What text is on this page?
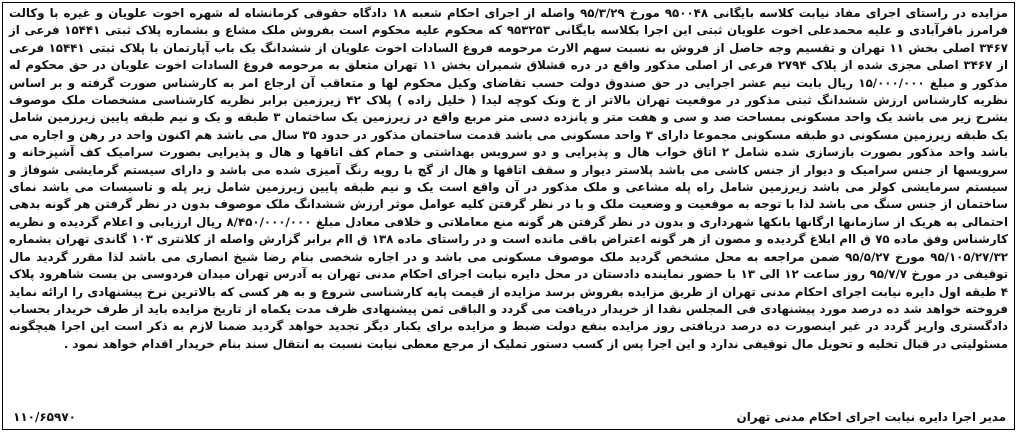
مزایده در راستای اجرای مفاد نیابت کلاسه بایگانی ۹۵۰۰۴۸ مورخ ۹۵/۳/۲۹ واصله از اجرای احکام شعبه ۱۸ دادگاه حقوقی کرمانشاه له شهره اخوت علویان و غیره با وکالت فرامرز باقرآبادی و علیه محمدعلی اخوت علویان ثبتی این اجرا بکلاسه بایگانی ۹۵۳۲۵۳ که محکوم علیه محکوم است بفروش ملک مشاع و بشماره پلاک ثبتی ۱۵۴۴۱ فرعی از ۳۴۶۷ اصلی بخش ۱۱ تهران و تقسیم وجه حاصل از فروش به نسبت سهم الارث مرحومه فروغ السادات اخوت علویان از ششدانگ یک باب آپارتمان با پلاک ثبتی ۱۵۴۴۱ فرعی از ۳۴۶۷ اصلی مجزی شده از پلاک ۲۷۹۴ فرعی از اصلی مذکور واقع در دره قشلاق شمیران بخش ۱۱ تهران متعلق به مرحومه فروغ السادات اخوت علویان در حق محکوم له مذکور و مبلغ ۱۵/۰۰۰/۰۰۰ ریال بابت نیم عشر اجرایی در حق صندوق دولت حسب تقاضای وکیل محکوم لها و متعاقب آن ارجاع امر به کارشناس صورت گرفته و بر اساس نظریه کارشناس ارزش ششدانگ ثبتی مذکور در موقعیت تهران بالاتر از خ ونک کوچه لیدا ( خلیل زاده ) پلاک ۴۲ زیرزمین برابر نظریه کارشناسی مشخصات ملک موصوف بشرح زیر می باشد یک واحد مسکونی بمساحت صد و سی و هفت متر و پانزده دسی متر مربع واقع در زیرزمین یک ساختمان ۳ طبقه و یک و نیم طبقه پایین زیرزمین شامل یک طبقه زیرزمین مسکونی دو طبقه مسکونی مجموعا دارای ۳ واحد مسکونی می باشد قدمت ساختمان مذکور در حدود ۳۵ سال می باشد هم اکنون واحد در رهن و اجاره می باشد واحد مذکور بصورت بازسازی شده شامل ۲ اتاق خواب هال و پذیرایی و دو سرویس بهداشتی و حمام کف اتاقها و هال و پذیرایی بصورت سرامیک کف آشپزخانه و سرویسها از جنس سرامیک و دیوار از جنس کاشی می باشد پلاستر دیوار و سقف اتاقها و هال از گچ با رویه رنگ آمیزی شده می باشد و دارای سیستم گرمایشی شوفاژ و سیستم سرمایشی کولر می باشد زیرزمین شامل راه پله مشاعی و ملک مذکور در آن واقع است یک و نیم طبقه پایین زیرزمین شامل زیر پله و تاسیسات می باشد نمای ساختمان از جنس سنگ می باشد لذا با توجه به موقعیت و وضعیت ملک و با در نظر گرفتن کلیه عوامل موثر ارزش ششدانگ ملک موصوف بدون در نظر گرفتن هر گونه بدهی احتمالی به هریک از سازمانها ارگانها بانکها شهرداری و بدون در نظر گرفتن هر گونه منع معاملاتی و خلافی معادل مبلغ ۸/۴۵۰/۰۰۰/۰۰۰ ریال ارزیابی و اعلام گردیده و نظریه کارشناس وفق ماده ۷۵ ق اام ابلاغ گردیده و مصون از هر گونه اعتراض باقی مانده است و در راستای ماده ۱۳۸ ق اام برابر گزارش واصله از کلانتری ۱۰۳ گاندی تهران بشماره ۹۵/۱۰۵/۲۷/۳۲ مورخ ۹۵/۵/۲۷ ضمن مراجعه به محل مشخص گردید ملک موصوف مسکونی می باشد و در اجاره شخصی بنام رضا شیخ انصاری می باشد لذا مقرر گردید مال توقیفی در مورخ ۹۵/۷/۷ روز ساعت ۱۲ الی ۱۳ با حضور نماینده دادستان در محل دایره نیابت اجرای احکام مدنی تهران به آدرس تهران میدان فردوسی بن بست شاهرود پلاک ۴ طبقه اول دایره نیابت اجرای احکام مدنی تهران از طریق مزایده بفروش برسد مزایده از قیمت پایه کارشناسی شروع و به هر کسی که بالاترین نرخ پیشنهادی را ارائه نماید فروخته خواهد شد ده درصد مورد پیشنهادی فی المجلس نقدا از خریدار دریافت می گردد و الباقی ثمن پیشنهادی ظرف مدت یکماه از تاریخ مزایده باید از طرف خریدار بحساب دادگستری واریز گردد در غیر اینصورت ده درصد دریافتی روز مزایده بنفع دولت ضبط و مزایده برای یکبار دیگر تجدید خواهد گردید ضمنا لازم به ذکر است این اجرا هیچگونه مسئولیتی در قبال تخلیه و تحویل مال توقیفی ندارد و این اجرا پس از کسب دستور تملیک از مرجع معطی نیابت نسبت به انتقال سند بنام خریدار اقدام خواهد نمود .

مدیر اجرا دایره نیابت اجرای احکام مدنی تهران
۱۱۰/۶۵۹۷۰
